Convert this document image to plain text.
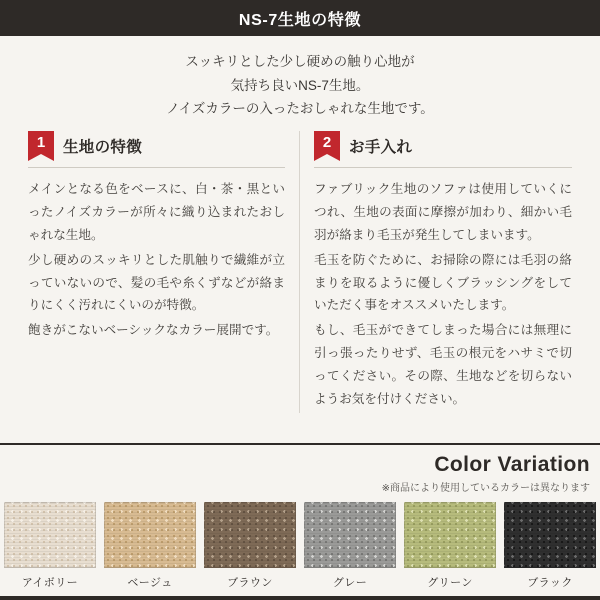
NS-7生地の特徴

スッキリとした少し硬めの触り心地が

気持ち良いNS-7生地。

ノイズカラーの入ったおしゃれな生地です。

1	生地の特徴

メインとなる色をベースに、白・茶・黒といったノイズカラーが所々に織り込まれたおしゃれな生地。

少し硬めのスッキリとした肌触りで繊維が立っていないので、髪の毛や糸くずなどが絡まりにくく汚れにくいのが特徴。

飽きがこないベーシックなカラー展開です。

2	お手入れ

ファブリック生地のソファは使用していくにつれ、生地の表面に摩擦が加わり、細かい毛羽が絡まり毛玉が発生してしまいます。

毛玉を防ぐために、お掃除の際には毛羽の絡まりを取るように優しくブラッシングをしていただく事をオススメいたします。

もし、毛玉ができてしまった場合には無理に引っ張ったりせず、毛玉の根元をハサミで切ってください。その際、生地などを切らないようお気を付けください。

Color Variation
※商品により使用しているカラーは異なります
アイボリー	ベージュ	ブラウン	グレー	グリーン	ブラック
